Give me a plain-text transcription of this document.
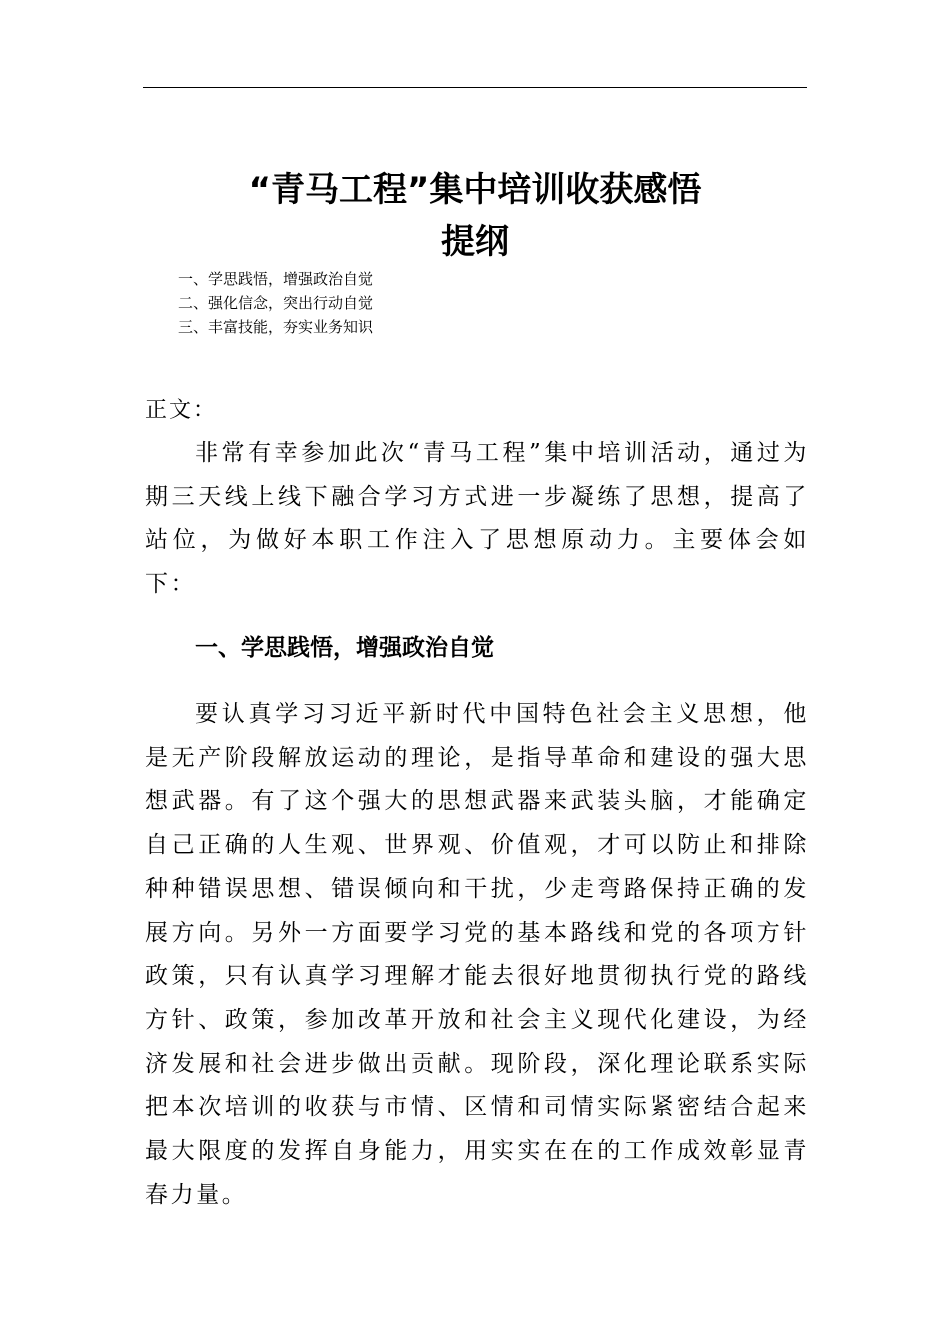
“青马工程”集中培训收获感悟
提纲
一、学思践悟，增强政治自觉
二、强化信念，突出行动自觉
三、丰富技能，夯实业务知识
正文：

非常有幸参加此次“青马工程”集中培训活动，通过为期三天线上线下融合学习方式进一步凝练了思想，提高了站位，为做好本职工作注入了思想原动力。主要体会如下：

一、学思践悟，增强政治自觉

要认真学习习近平新时代中国特色社会主义思想，他是无产阶段解放运动的理论，是指导革命和建设的强大思想武器。有了这个强大的思想武器来武装头脑，才能确定自己正确的人生观、世界观、价值观，才可以防止和排除种种错误思想、错误倾向和干扰，少走弯路保持正确的发展方向。另外一方面要学习党的基本路线和党的各项方针政策，只有认真学习理解才能去很好地贯彻执行党的路线方针、政策，参加改革开放和社会主义现代化建设，为经济发展和社会进步做出贡献。现阶段，深化理论联系实际把本次培训的收获与市情、区情和司情实际紧密结合起来最大限度的发挥自身能力，用实实在在的工作成效彰显青春力量。
